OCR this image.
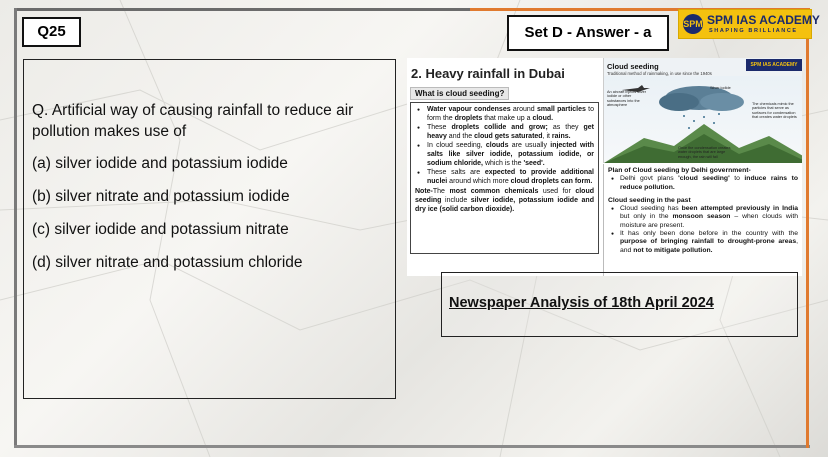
Q25	Set D - Answer - a	SPM SPM IAS ACADEMY
SHAPING BRILLIANCE
Q. Artificial way of causing rainfall to reduce air pollution makes use of
(a) silver iodide and potassium iodide
(b) silver nitrate and potassium iodide
(c) silver iodide and potassium nitrate
(d) silver nitrate and potassium chloride
2. Heavy rainfall in Dubai
What is cloud seeding?
● Water vapour condenses around small particles to form the droplets that make up a cloud.
● These droplets collide and grow; as they get heavy and the cloud gets saturated, it rains.
● In cloud seeding, clouds are usually injected with salts like silver iodide, potassium iodide, or sodium chloride, which is the 'seed'.
● These salts are expected to provide additional nuclei around which more cloud droplets can form.
Note-The most common chemicals used for cloud seeding include silver iodide, potassium iodide and dry ice (solid carbon dioxide).
Cloud seeding
Traditional method of rainmaking, in use since the 1940s
SPM IAS ACADEMY
An aircraft injects silver iodide or other substances into the atmosphere
Silver iodide
The chemicals mimic the particles that serve as surfaces for condensation that creates water droplets
Once the condensation creates water droplets that are large enough, the rain will fall
Plan of Cloud seeding by Delhi government-
● Delhi govt plans 'cloud seeding' to induce rains to reduce pollution.
Cloud seeding in the past
● Cloud seeding has been attempted previously in India but only in the monsoon season – when clouds with moisture are present.
● It has only been done before in the country with the purpose of bringing rainfall to drought-prone areas, and not to mitigate pollution.
Newspaper Analysis of 18th April 2024
